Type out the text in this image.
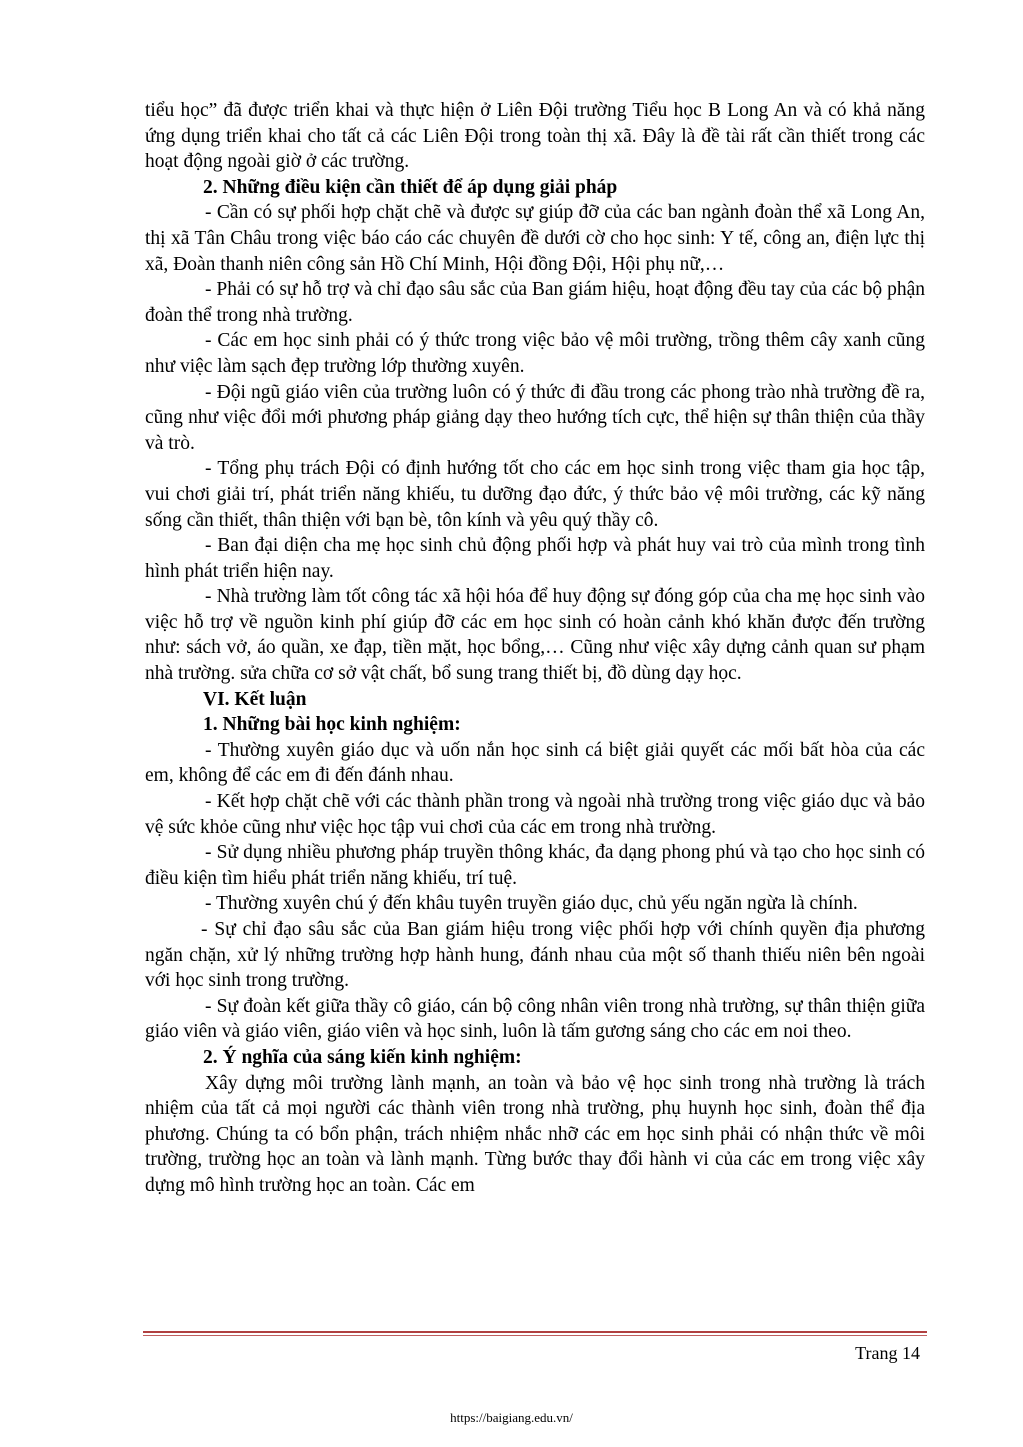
tiểu học” đã được triển khai và thực hiện ở Liên Đội trường Tiểu học B Long An và có khả năng ứng dụng triển khai cho tất cả các Liên Đội trong toàn thị xã. Đây là đề tài rất cần thiết trong các hoạt động ngoài giờ ở các trường.

2. Những điều kiện cần thiết để áp dụng giải pháp

- Cần có sự phối hợp chặt chẽ và được sự giúp đỡ của các ban ngành đoàn thể xã Long An, thị xã Tân Châu trong việc báo cáo các chuyên đề dưới cờ cho học sinh: Y tế, công an, điện lực thị xã, Đoàn thanh niên công sản Hồ Chí Minh, Hội đồng Đội, Hội phụ nữ,…

- Phải có sự hỗ trợ và chỉ đạo sâu sắc của Ban giám hiệu, hoạt động đều tay của các bộ phận đoàn thể trong nhà trường.

- Các em học sinh phải có ý thức trong việc bảo vệ môi trường, trồng thêm cây xanh cũng như việc làm sạch đẹp trường lớp thường xuyên.

- Đội ngũ giáo viên của trường luôn có ý thức đi đầu trong các phong trào nhà trường đề ra, cũng như việc đổi mới phương pháp giảng dạy theo hướng tích cực, thể hiện sự thân thiện của thầy và trò.

- Tổng phụ trách Đội có định hướng tốt cho các em học sinh trong việc tham gia học tập, vui chơi giải trí, phát triển năng khiếu, tu dưỡng đạo đức, ý thức bảo vệ môi trường, các kỹ năng sống cần thiết, thân thiện với bạn bè, tôn kính và yêu quý thầy cô.

- Ban đại diện cha mẹ học sinh chủ động phối hợp và phát huy vai trò của mình trong tình hình phát triển hiện nay.

- Nhà trường làm tốt công tác xã hội hóa để huy động sự đóng góp của cha mẹ học sinh vào việc hỗ trợ về nguồn kinh phí giúp đỡ các em học sinh có hoàn cảnh khó khăn được đến trường như: sách vở, áo quần, xe đạp, tiền mặt, học bổng,… Cũng như việc xây dựng cảnh quan sư phạm nhà trường. sửa chữa cơ sở vật chất, bổ sung trang thiết bị, đồ dùng dạy học.

VI. Kết luận

1. Những bài học kinh nghiệm:

- Thường xuyên giáo dục và uốn nắn học sinh cá biệt giải quyết các mối bất hòa của các em, không để các em đi đến đánh nhau.

- Kết hợp chặt chẽ với các thành phần trong và ngoài nhà trường trong việc giáo dục và bảo vệ sức khỏe cũng như việc học tập vui chơi của các em trong nhà trường.

- Sử dụng nhiều phương pháp truyền thông khác, đa dạng phong phú và tạo cho học sinh có điều kiện tìm hiểu phát triển năng khiếu, trí tuệ.

- Thường xuyên chú ý đến khâu tuyên truyền giáo dục, chủ yếu ngăn ngừa là chính.

- Sự chỉ đạo sâu sắc của Ban giám hiệu trong việc phối hợp với chính quyền địa phương ngăn chặn, xử lý những trường hợp hành hung, đánh nhau của một số thanh thiếu niên bên ngoài với học sinh trong trường.

- Sự đoàn kết giữa thầy cô giáo, cán bộ công nhân viên trong nhà trường, sự thân thiện giữa giáo viên và giáo viên, giáo viên và học sinh, luôn là tấm gương sáng cho các em noi theo.

2. Ý nghĩa của sáng kiến kinh nghiệm:

Xây dựng môi trường lành mạnh, an toàn và bảo vệ học sinh trong nhà trường là trách nhiệm của tất cả mọi người các thành viên trong nhà trường, phụ huynh học sinh, đoàn thể địa phương. Chúng ta có bổn phận, trách nhiệm nhắc nhỡ các em học sinh phải có nhận thức về môi trường, trường học an toàn và lành mạnh. Từng bước thay đổi hành vi của các em trong việc xây dựng mô hình trường học an toàn. Các em

Trang 14
https://baigiang.edu.vn/
